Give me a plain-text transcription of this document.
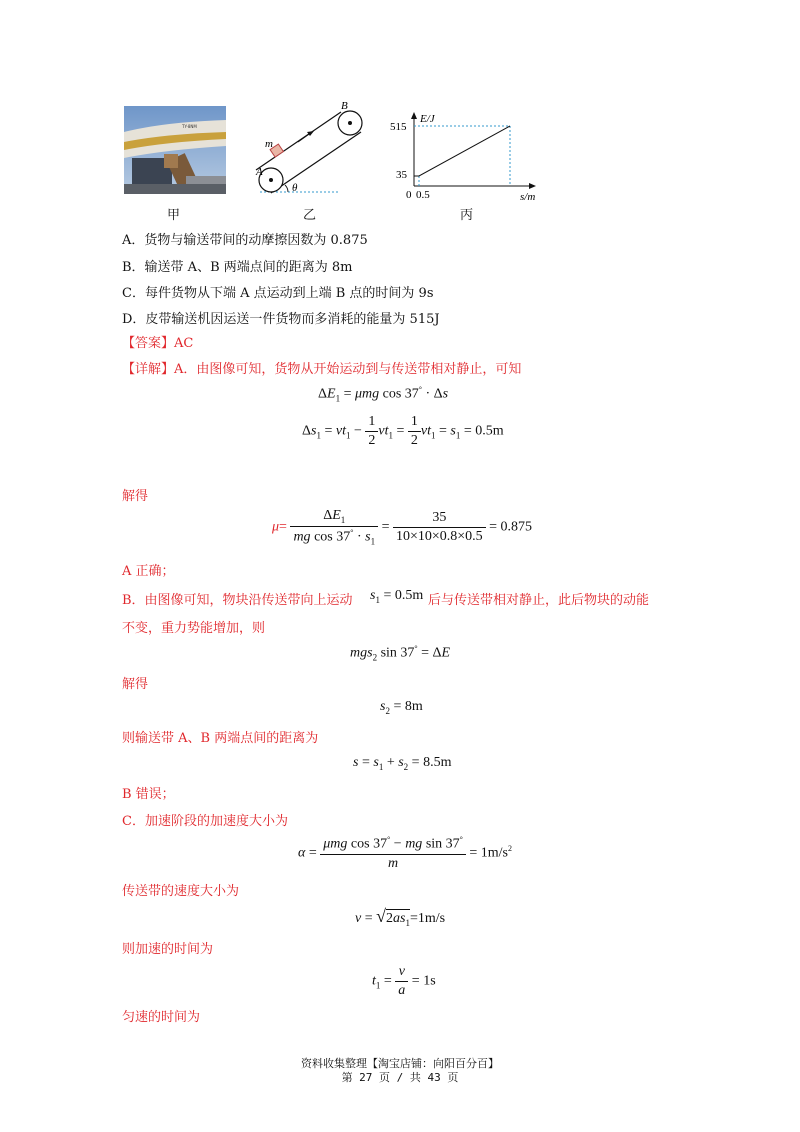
TY-8NM
甲
B
A
m
θ
乙
E/J
515
35
0 0.5	s/m
丙
A．货物与输送带间的动摩擦因数为 0.875
B．输送带 A、B 两端点间的距离为 8m
C．每件货物从下端 A 点运动到上端 B 点的时间为 9s
D．皮带输送机因运送一件货物而多消耗的能量为 515J
【答案】AC
【详解】A．由图像可知，货物从开始运动到与传送带相对静止，可知
$\Delta E_1 = \mu mg$ cos 37° · Δs
$\Delta s_1 = vt_1 - \frac{1}{2} vt_1 = \frac{1}{2} vt_1 = s_1 = 0.5m$
解得
$\mu= \frac{\Delta E_1}{mg \cos 37^\circ \cdot s_1} = \frac{35}{10\times 10\times 0.8\times 0.5} = 0.875$
A 正确；
B．由图像可知，物块沿传送带向上运动 $s_1 = 0.5m$ 后与传送带相对静止，此后物块的动能
不变，重力势能增加，则
mgs$_2$ sin 37° = ΔE
解得
$s_2 = 8m$
则输送带 A、B 两端点间的距离为
$s = s_1 + s_2 = 8.5m$
B 错误；
C．加速阶段的加速度大小为
$\alpha = \frac{\mu mg \cos 37^\circ - mg \sin 37^\circ}{m} = 1m/s^2$
传送带的速度大小为
$v = √2as_1=1m/s$
则加速的时间为
$t_1 = \frac{v}{a} = 1s$
匀速的时间为
资料收集整理【淘宝店铺：向阳百分百】
第 27 页 / 共 43 页
